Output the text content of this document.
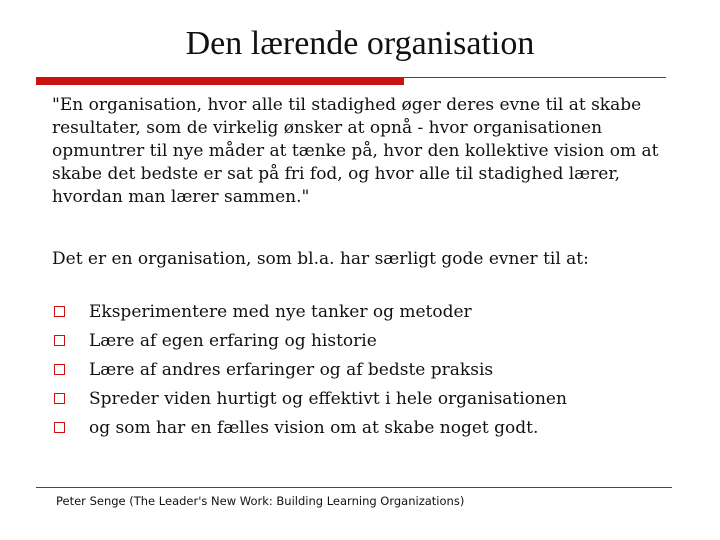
Den lærende organisation

"En organisation, hvor alle til stadighed øger deres evne til at skabe resultater, som de virkelig ønsker at opnå - hvor organisationen opmuntrer til nye måder at tænke på, hvor den kollektive vision om at skabe det bedste er sat på fri fod, og hvor alle til stadighed lærer, hvordan man lærer sammen."

Det er en organisation, som bl.a. har særligt gode evner til at:

Eksperimentere med nye tanker og metoder
Lære af egen erfaring og historie
Lære af andres erfaringer og af bedste praksis
Spreder viden hurtigt og effektivt i hele organisationen
og som har en fælles vision om at skabe noget godt.
Peter Senge (The Leader's New Work: Building Learning Organizations)
